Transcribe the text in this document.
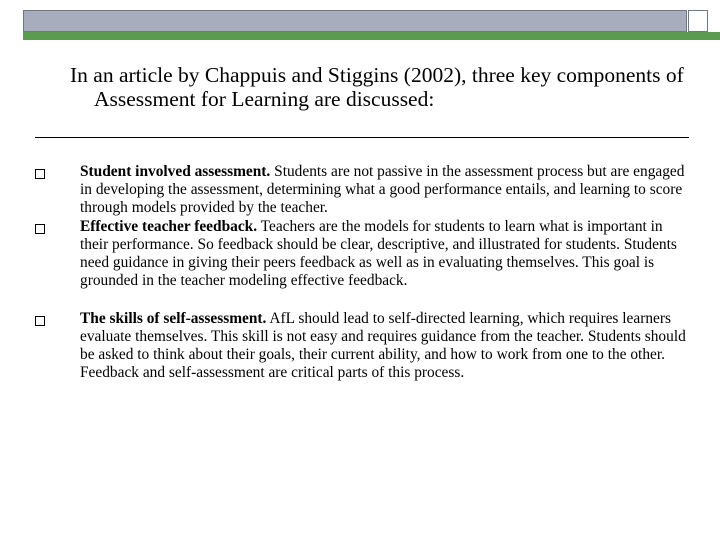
In an article by Chappuis and Stiggins (2002), three key components of Assessment for Learning are discussed:
Student involved assessment. Students are not passive in the assessment process but are engaged in developing the assessment, determining what a good performance entails, and learning to score through models provided by the teacher.
Effective teacher feedback. Teachers are the models for students to learn what is important in their performance. So feedback should be clear, descriptive, and illustrated for students. Students need guidance in giving their peers feedback as well as in evaluating themselves. This goal is grounded in the teacher modeling effective feedback.
The skills of self-assessment. AfL should lead to self-directed learning, which requires learners evaluate themselves. This skill is not easy and requires guidance from the teacher. Students should be asked to think about their goals, their current ability, and how to work from one to the other. Feedback and self-assessment are critical parts of this process.
